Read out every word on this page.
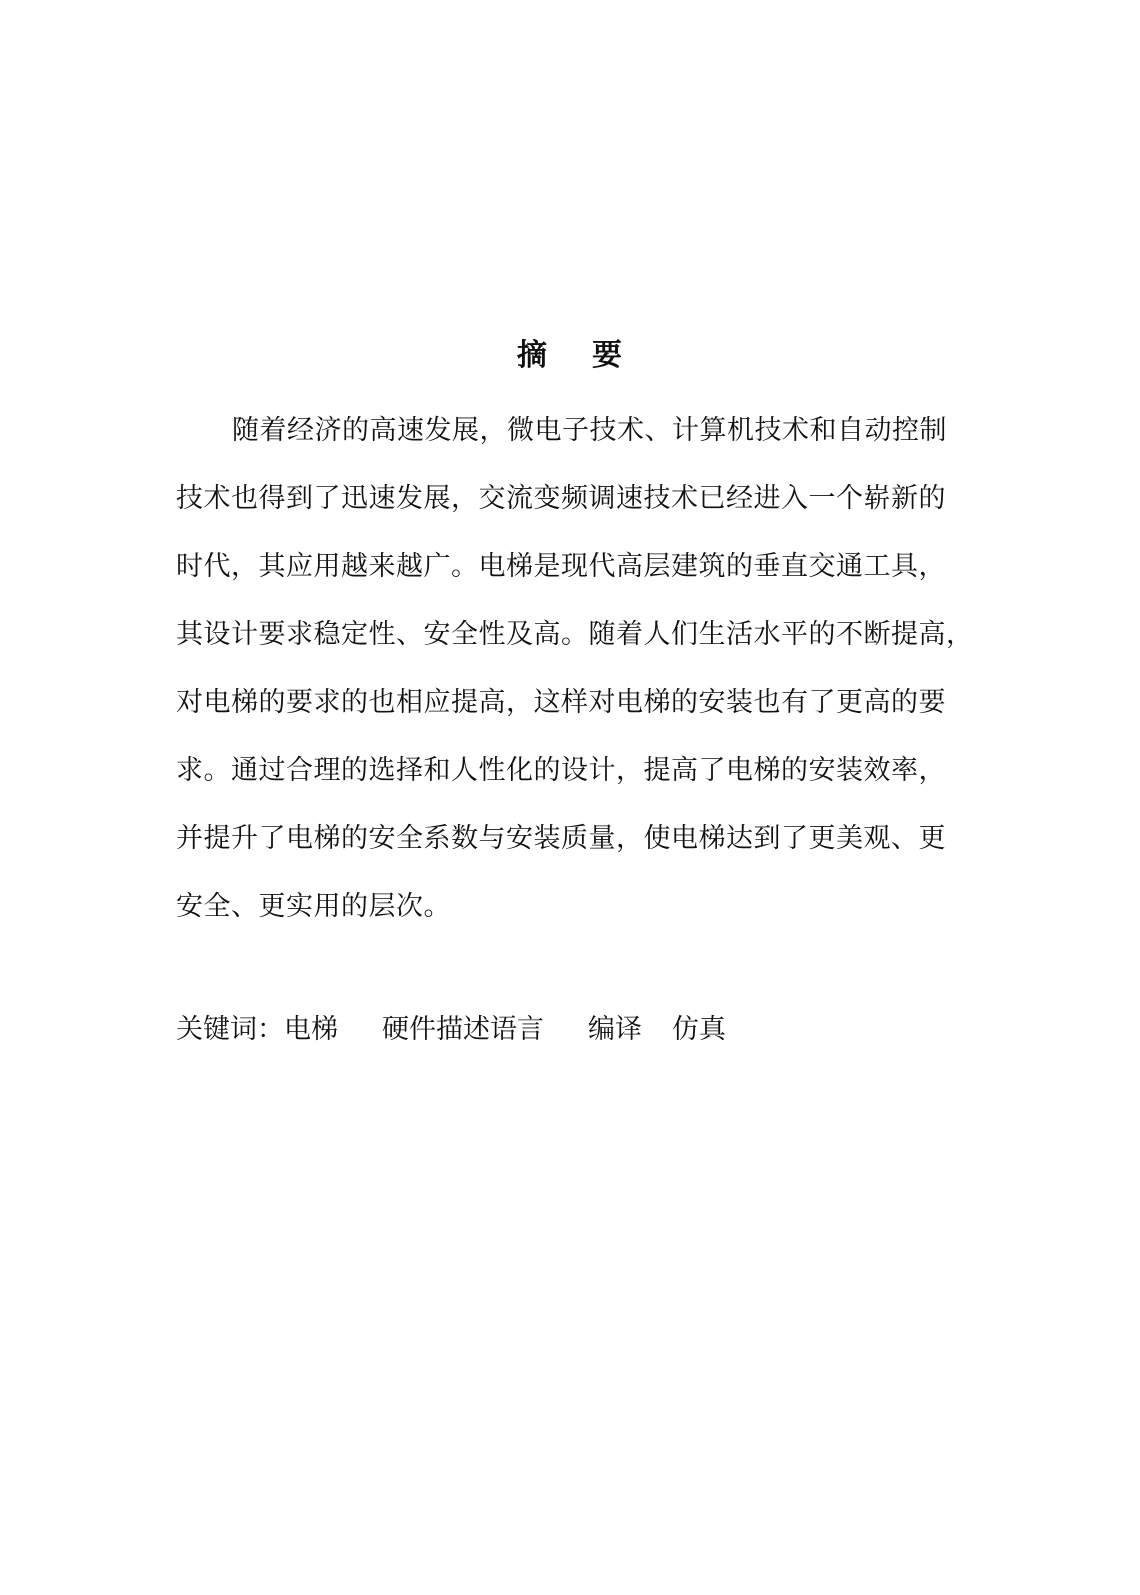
摘 要
随着经济的高速发展，微电子技术、计算机技术和自动控制
技术也得到了迅速发展，交流变频调速技术已经进入一个崭新的
时代，其应用越来越广。电梯是现代高层建筑的垂直交通工具，
其设计要求稳定性、安全性及高。随着人们生活水平的不断提高，
对电梯的要求的也相应提高，这样对电梯的安装也有了更高的要
求。通过合理的选择和人性化的设计，提高了电梯的安装效率，
并提升了电梯的安全系数与安装质量，使电梯达到了更美观、更
安全、更实用的层次。
关键词：电梯 硬件描述语言 编译 仿真
